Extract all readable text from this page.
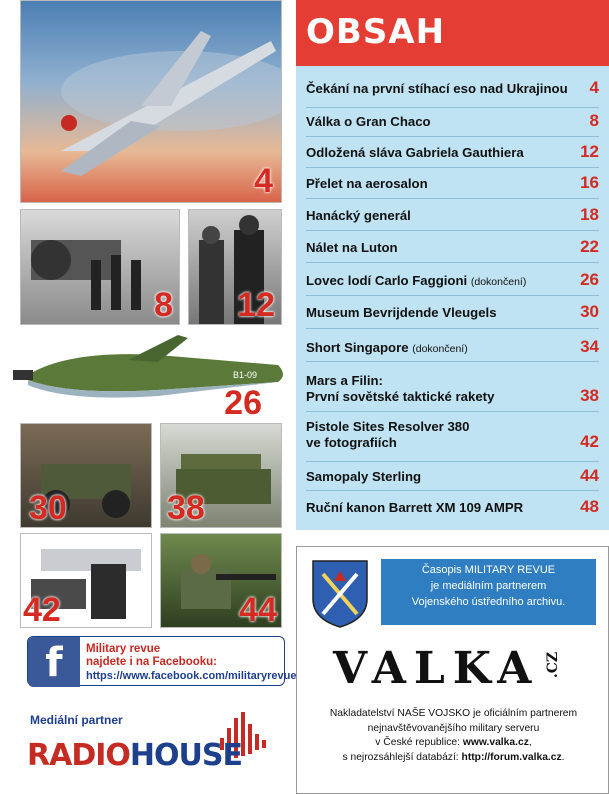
4
8 12
B1-09
26
30	38
42	44
OBSAH
Čekání na první stíhací eso nad Ukrajinou 4
Válka o Gran Chaco	8
Odložená sláva Gabriela Gauthiera	12
Přelet na aerosalon	16
Hanácký generál	18
Nálet na Luton	22
Lovec lodí Carlo Faggioni (dokončení)	26
Museum Bevrijdende Vleugels	30
Short Singapore (dokončení)	34
Mars a Filin:
První sovětské taktické rakety	38
Pistole Sites Resolver 380
ve fotografiích	42
Samopaly Sterling	44
Ruční kanon Barrett XM 109 AMPR	48
Časopis MILITARY REVUE
je mediálním partnerem
Vojenského ústředního archivu.
VALKA .CZ
Nakladatelství NAŠE VOJSKO je oficiálním partnerem
nejnavštěvovanějšího military serveru
v České republice: www.valka.cz,
s nejrozsáhlejší databází: http://forum.valka.cz.
f	Military revue
najdete i na Facebooku:
https://www.facebook.com/militaryrevue
Mediální partner
RADIOHOUSE
